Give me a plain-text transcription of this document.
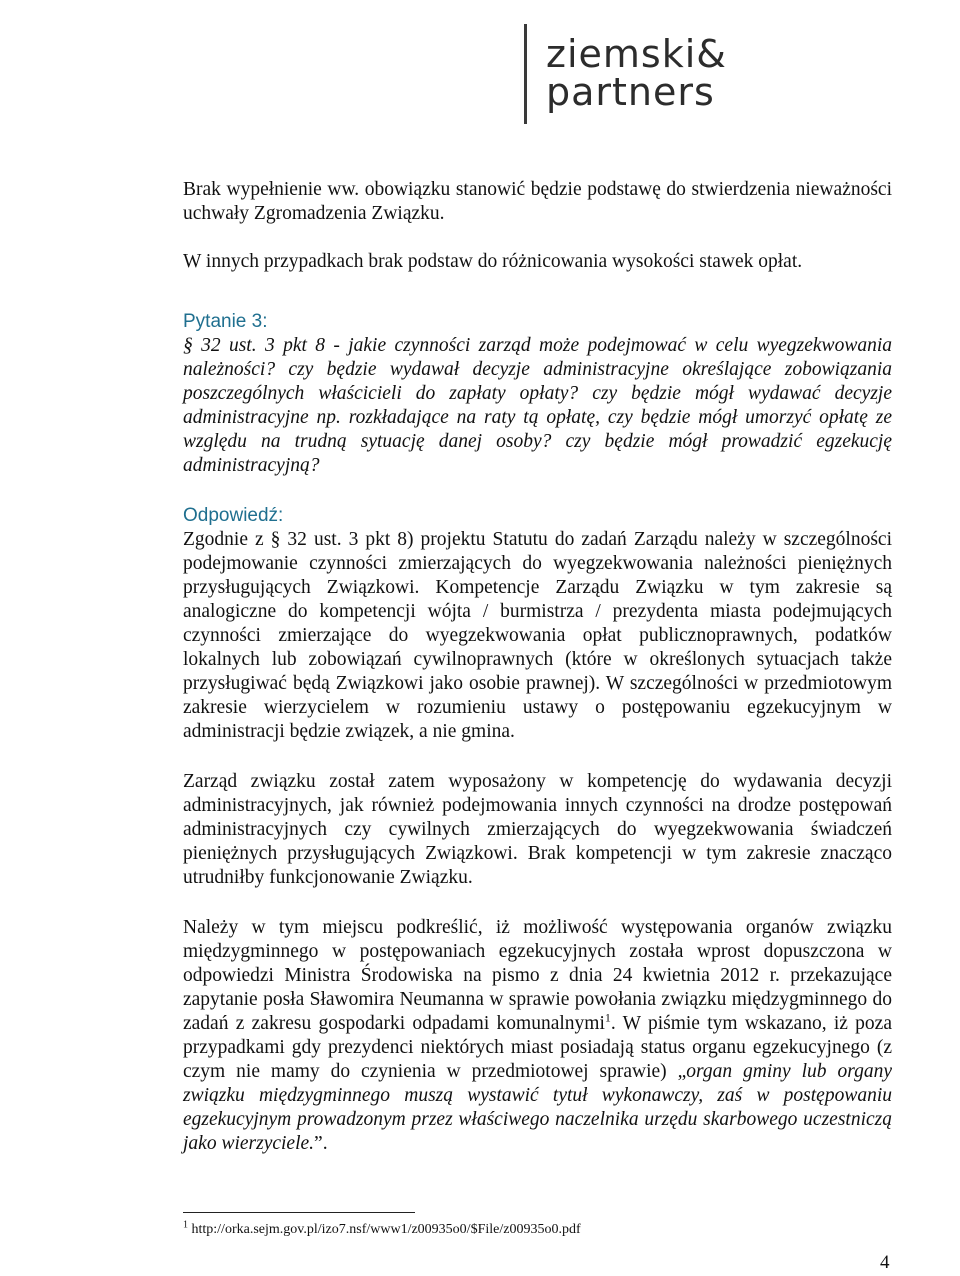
ziemski&
partners

Brak wypełnienie ww. obowiązku stanowić będzie podstawę do stwierdzenia nieważności uchwały Zgromadzenia Związku.

W innych przypadkach brak podstaw do różnicowania wysokości stawek opłat.

Pytanie 3:

§ 32 ust. 3 pkt 8 - jakie czynności zarząd może podejmować w celu wyegzekwowania należności? czy będzie wydawał decyzje administracyjne określające zobowiązania poszczególnych właścicieli do zapłaty opłaty? czy będzie mógł wydawać decyzje administracyjne np. rozkładające na raty tą opłatę, czy będzie mógł umorzyć opłatę ze względu na trudną sytuację danej osoby? czy będzie mógł prowadzić egzekucję administracyjną?

Odpowiedź:

Zgodnie z § 32 ust. 3 pkt 8) projektu Statutu do zadań Zarządu należy w szczególności podejmowanie czynności zmierzających do wyegzekwowania należności pieniężnych przysługujących Związkowi. Kompetencje Zarządu Związku w tym zakresie są analogiczne do kompetencji wójta / burmistrza / prezydenta miasta podejmujących czynności zmierzające do wyegzekwowania opłat publicznoprawnych, podatków lokalnych lub zobowiązań cywilnoprawnych (które w określonych sytuacjach także przysługiwać będą Związkowi jako osobie prawnej). W szczególności w przedmiotowym zakresie wierzycielem w rozumieniu ustawy o postępowaniu egzekucyjnym w administracji będzie związek, a nie gmina.

Zarząd związku został zatem wyposażony w kompetencję do wydawania decyzji administracyjnych, jak również podejmowania innych czynności na drodze postępowań administracyjnych czy cywilnych zmierzających do wyegzekwowania świadczeń pieniężnych przysługujących Związkowi. Brak kompetencji w tym zakresie znacząco utrudniłby funkcjonowanie Związku.

Należy w tym miejscu podkreślić, iż możliwość występowania organów związku międzygminnego w postępowaniach egzekucyjnych została wprost dopuszczona w odpowiedzi Ministra Środowiska na pismo z dnia 24 kwietnia 2012 r. przekazujące zapytanie posła Sławomira Neumanna w sprawie powołania związku międzygminnego do zadań z zakresu gospodarki odpadami komunalnymi$^1$. W piśmie tym wskazano, iż poza przypadkami gdy prezydenci niektórych miast posiadają status organu egzekucyjnego (z czym nie mamy do czynienia w przedmiotowej sprawie) „organ gminy lub organy związku międzygminnego muszą wystawić tytuł wykonawczy, zaś w postępowaniu egzekucyjnym prowadzonym przez właściwego naczelnika urzędu skarbowego uczestniczą jako wierzyciele.”.

$^1$ http://orka.sejm.gov.pl/izo7.nsf/www1/z00935o0/$File/z00935o0.pdf
4
